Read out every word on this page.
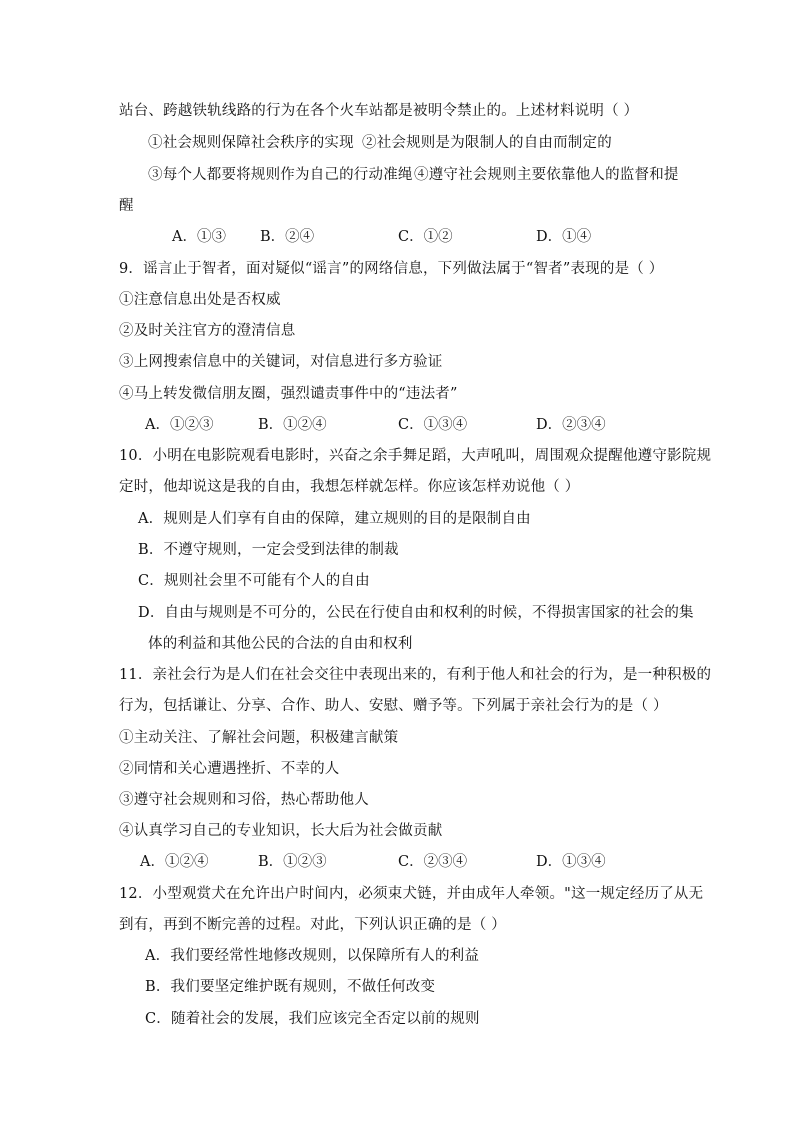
站台、跨越铁轨线路的行为在各个火车站都是被明令禁止的。上述材料说明（ ）
①社会规则保障社会秩序的实现 ②社会规则是为限制人的自由而制定的
③每个人都要将规则作为自己的行动准绳 ④遵守社会规则主要依靠他人的监督和提
醒
A．①③ B．②④	C．①②	D．①④
9．谣言止于智者，面对疑似“谣言”的网络信息，下列做法属于“智者”表现的是（ ）
①注意信息出处是否权威
②及时关注官方的澄清信息
③上网搜索信息中的关键词，对信息进行多方验证
④马上转发微信朋友圈，强烈谴责事件中的“违法者”
A．①②③	B．①②④	C．①③④	D．②③④
10．小明在电影院观看电影时，兴奋之余手舞足蹈，大声吼叫，周围观众提醒他遵守影院规
定时，他却说这是我的自由，我想怎样就怎样。你应该怎样劝说他（ ）
A．规则是人们享有自由的保障，建立规则的目的是限制自由
B．不遵守规则，一定会受到法律的制裁
C．规则社会里不可能有个人的自由
D．自由与规则是不可分的，公民在行使自由和权利的时候，不得损害国家的社会的集
体的利益和其他公民的合法的自由和权利
11．亲社会行为是人们在社会交往中表现出来的，有利于他人和社会的行为，是一种积极的
行为，包括谦让、分享、合作、助人、安慰、赠予等。下列属于亲社会行为的是（ ）
①主动关注、了解社会问题，积极建言献策
②同情和关心遭遇挫折、不幸的人
③遵守社会规则和习俗，热心帮助他人
④认真学习自己的专业知识，长大后为社会做贡献
A．①②④	B．①②③	C．②③④	D．①③④
12．小型观赏犬在允许出户时间内，必须束犬链，并由成年人牵领。"这一规定经历了从无
到有，再到不断完善的过程。对此，下列认识正确的是（ ）
A．我们要经常性地修改规则，以保障所有人的利益
B．我们要坚定维护既有规则，不做任何改变
C．随着社会的发展，我们应该完全否定以前的规则
